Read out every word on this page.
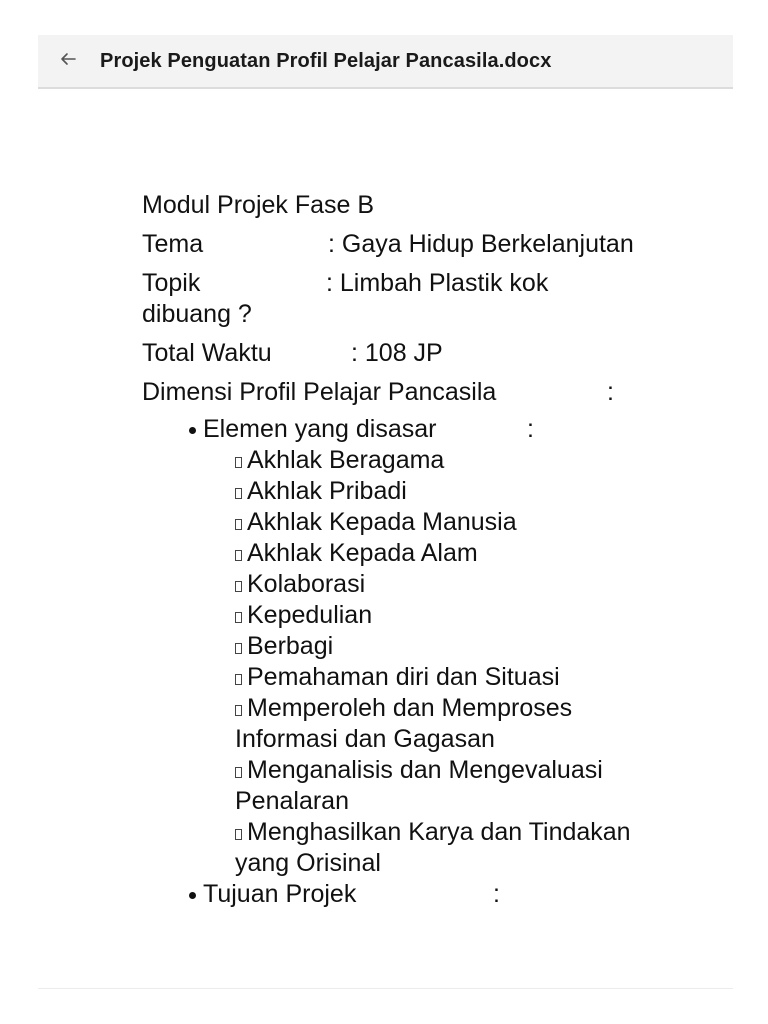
Projek Penguatan Profil Pelajar Pancasila.docx
Modul Projek Fase B
Tema	: Gaya Hidup Berkelanjutan
Topik	: Limbah Plastik kok dibuang ?
Total Waktu	: 108 JP
Dimensi Profil Pelajar Pancasila	:
Elemen yang disasar	:
Akhlak Beragama
Akhlak Pribadi
Akhlak Kepada Manusia
Akhlak Kepada Alam
Kolaborasi
Kepedulian
Berbagi
Pemahaman diri dan Situasi
Memperoleh dan Memproses Informasi dan Gagasan
Menganalisis dan Mengevaluasi Penalaran
Menghasilkan Karya dan Tindakan yang Orisinal
Tujuan Projek	:
